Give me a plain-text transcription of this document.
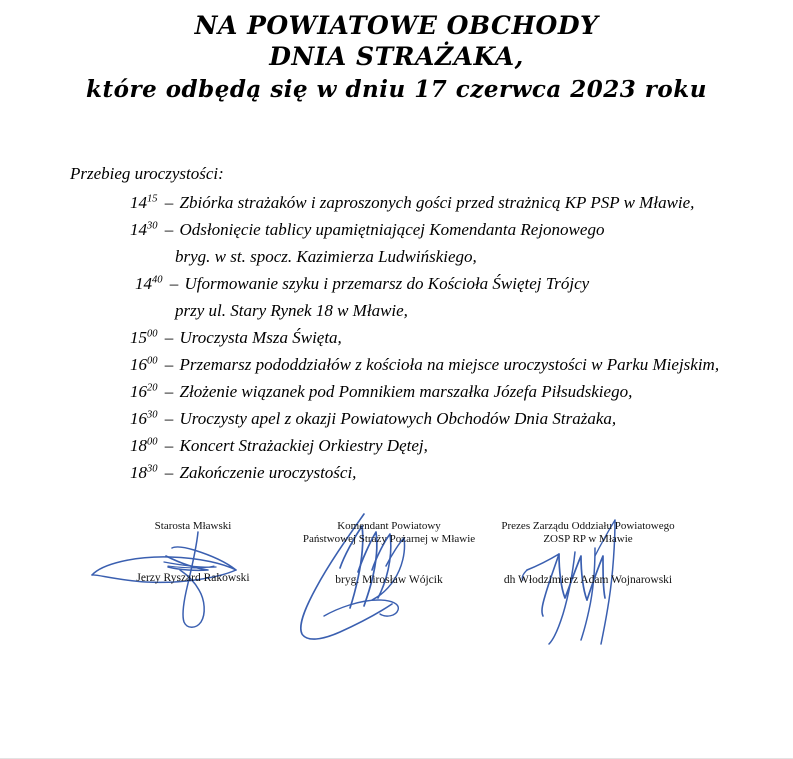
NA POWIATOWE OBCHODY
DNIA STRAŻAKA,
które odbędą się w dniu 17 czerwca 2023 roku
Przebieg uroczystości:
$14^{15}$ – Zbiórka strażaków i zaproszonych gości przed strażnicą KP PSP w Mławie,
$14^{30}$ – Odsłonięcie tablicy upamiętniającej Komendanta Rejonowego
bryg. w st. spocz. Kazimierza Ludwińskiego,
$14^{40}$ – Uformowanie szyku i przemarsz do Kościoła Świętej Trójcy
przy ul. Stary Rynek 18 w Mławie,
$15^{00}$ – Uroczysta Msza Święta,
$16^{00}$ – Przemarsz pododdziałów z kościoła na miejsce uroczystości w Parku Miejskim,
$16^{20}$ – Złożenie wiązanek pod Pomnikiem marszałka Józefa Piłsudskiego,
$16^{30}$ – Uroczysty apel z okazji Powiatowych Obchodów Dnia Strażaka,
$18^{00}$ – Koncert Strażackiej Orkiestry Dętej,
$18^{30}$ – Zakończenie uroczystości,
Starosta Mławski
Jerzy Ryszard Rakowski
Komendant Powiatowy
Państwowej Straży Pożarnej w Mławie
bryg. Mirosław Wójcik
Prezes Zarządu Oddziału Powiatowego
ZOSP RP w Mławie
dh Włodzimierz Adam Wojnarowski
